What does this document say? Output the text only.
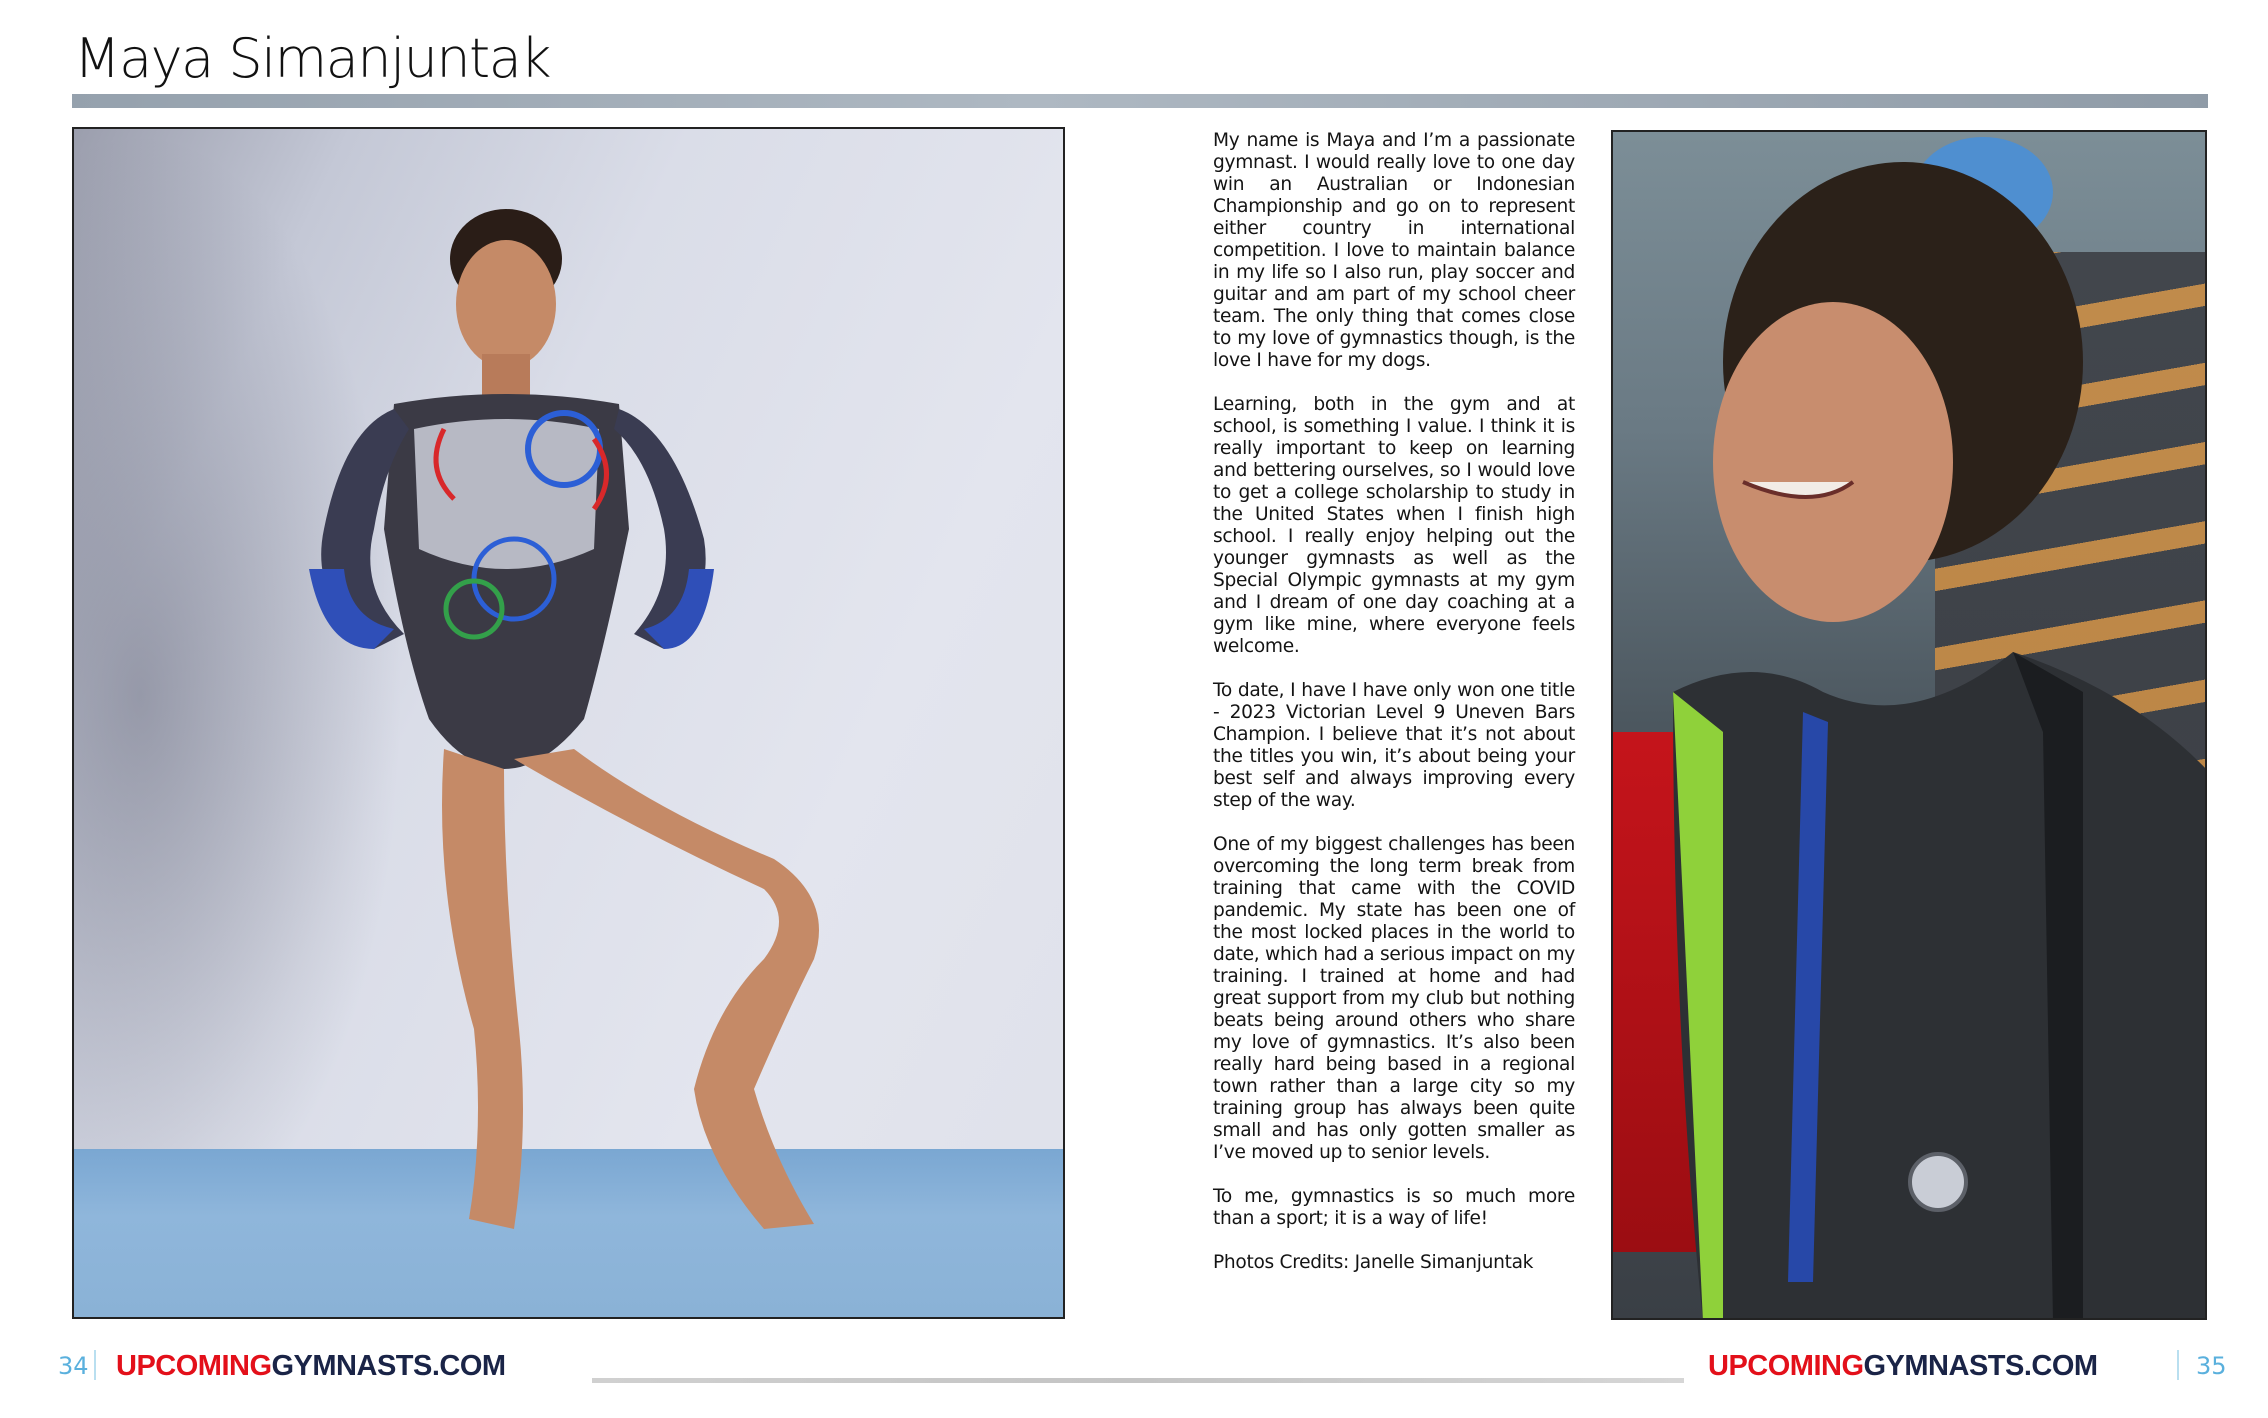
Maya Simanjuntak

My name is Maya and I’m a passionate gymnast. I would really love to one day win an Australian or Indonesian Championship and go on to represent either country in international competition. I love to maintain balance in my life so I also run, play soccer and guitar and am part of my school cheer team. The only thing that comes close to my love of gymnastics though, is the love I have for my dogs.

Learning, both in the gym and at school, is something I value. I think it is really important to keep on learning and bettering ourselves, so I would love to get a college scholarship to study in the United States when I finish high school. I really enjoy helping out the younger gymnasts as well as the Special Olympic gymnasts at my gym and I dream of one day coaching at a gym like mine, where everyone feels welcome.

To date, I have I have only won one title - 2023 Victorian Level 9 Uneven Bars Champion. I believe that it’s not about the titles you win, it’s about being your best self and always improving every step of the way.

One of my biggest challenges has been overcoming the long term break from training that came with the COVID pandemic. My state has been one of the most locked places in the world to date, which had a serious impact on my training. I trained at home and had great support from my club but nothing beats being around others who share my love of gymnastics. It’s also been really hard being based in a regional town rather than a large city so my training group has always been quite small and has only gotten smaller as I’ve moved up to senior levels.

To me, gymnastics is so much more than a sport; it is a way of life!

Photos Credits: Janelle Simanjuntak

34 UPCOMINGGYMNASTS.COM	UPCOMINGGYMNASTS.COM	35
